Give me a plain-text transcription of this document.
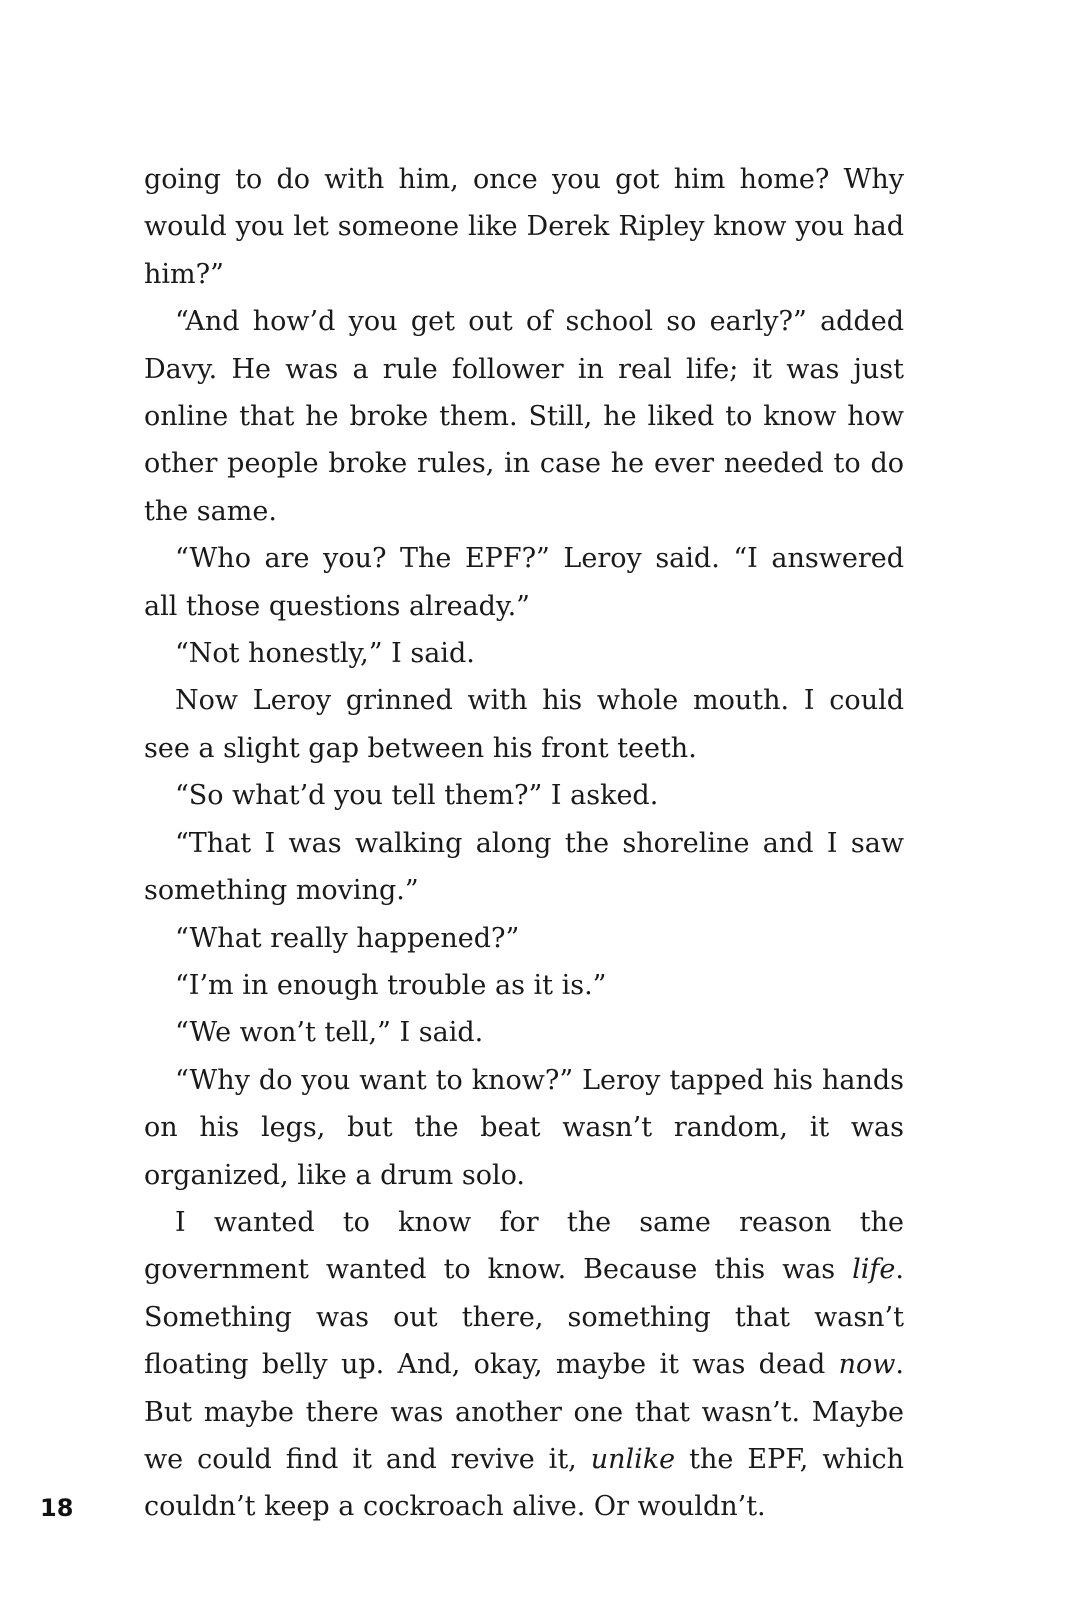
going to do with him, once you got him home? Why would you let someone like Derek Ripley know you had him?”

“And how’d you get out of school so early?” added Davy. He was a rule follower in real life; it was just online that he broke them. Still, he liked to know how other people broke rules, in case he ever needed to do the same.

“Who are you? The EPF?” Leroy said. “I answered all those questions already.”

“Not honestly,” I said.

Now Leroy grinned with his whole mouth. I could see a slight gap between his front teeth.

“So what’d you tell them?” I asked.

“That I was walking along the shoreline and I saw something moving.”

“What really happened?”

“I’m in enough trouble as it is.”

“We won’t tell,” I said.

“Why do you want to know?” Leroy tapped his hands on his legs, but the beat wasn’t random, it was organized, like a drum solo.

I wanted to know for the same reason the government wanted to know. Because this was life. Something was out there, something that wasn’t floating belly up. And, okay, maybe it was dead now. But maybe there was another one that wasn’t. Maybe we could find it and revive it, unlike the EPF, which couldn’t keep a cockroach alive. Or wouldn’t.

18
